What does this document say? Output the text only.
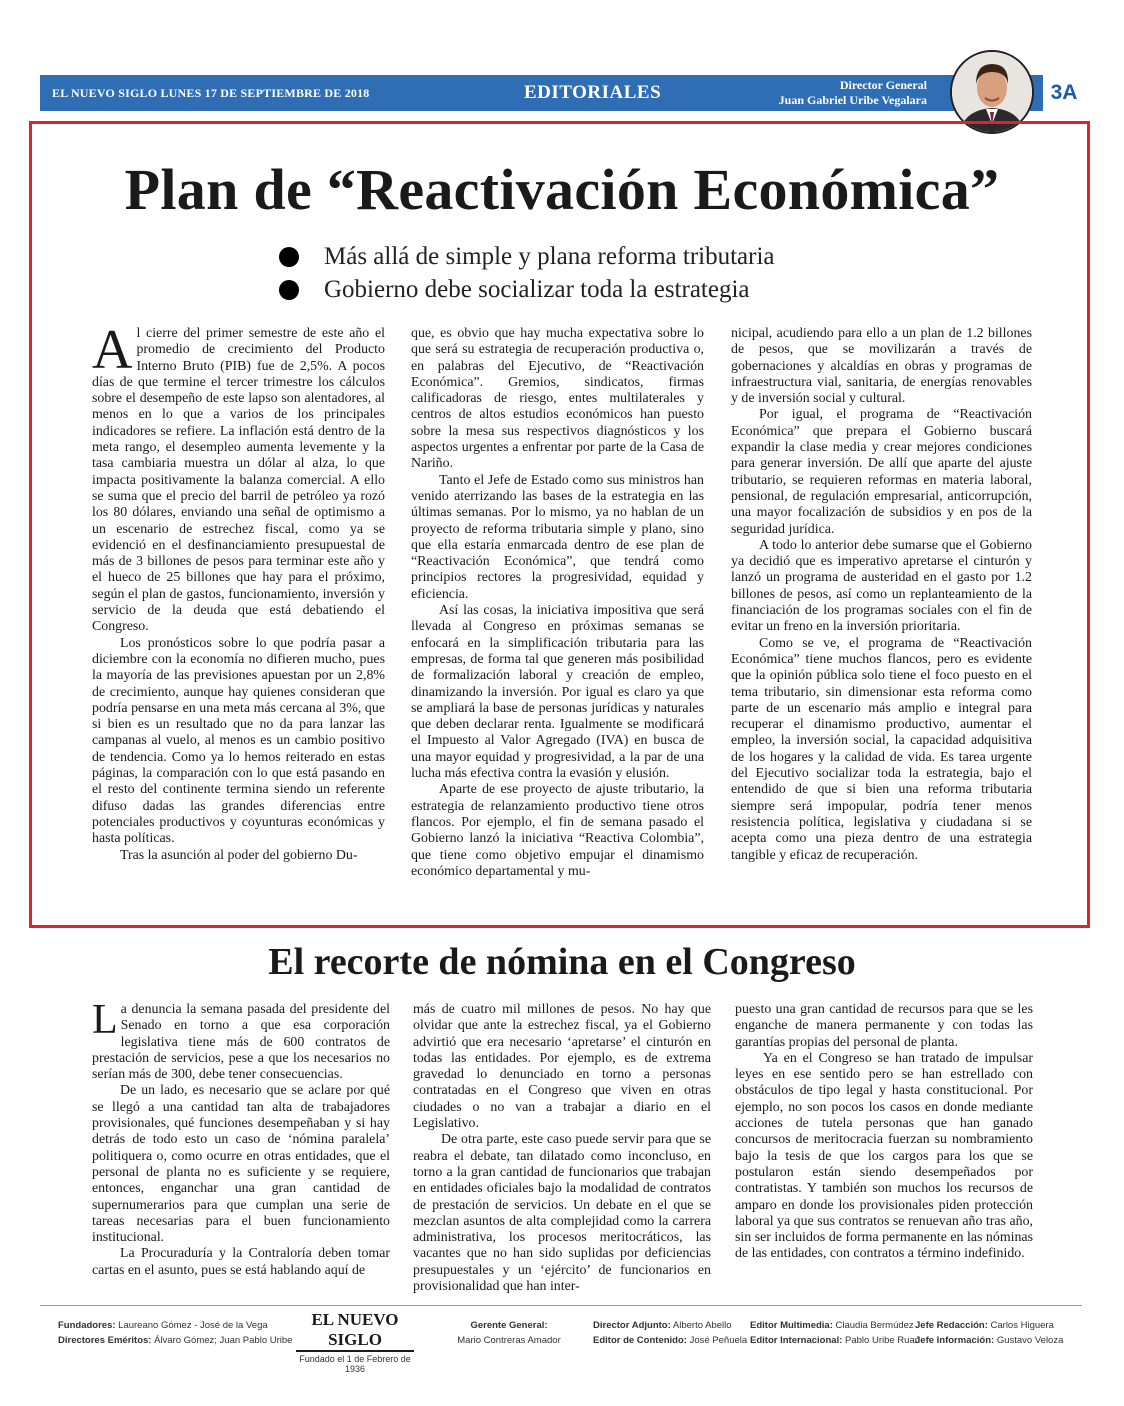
EL NUEVO SIGLO LUNES 17 DE SEPTIEMBRE DE 2018	EDITORIALES	Director General
Juan Gabriel Uribe Vegalara	3A
Plan de “Reactivación Económica”
Más allá de simple y plana reforma tributaria
Gobierno debe socializar toda la estrategia

Al cierre del primer semestre de este año el promedio de crecimiento del Producto Interno Bruto (PIB) fue de 2,5%. A pocos días de que termine el tercer trimestre los cálculos sobre el desempeño de este lapso son alentadores, al menos en lo que a varios de los principales indicadores se refiere. La inflación está dentro de la meta rango, el desempleo aumenta levemente y la tasa cambiaria muestra un dólar al alza, lo que impacta positivamente la balanza comercial. A ello se suma que el precio del barril de petróleo ya rozó los 80 dólares, enviando una señal de optimismo a un escenario de estrechez fiscal, como ya se evidenció en el desfinanciamiento presupuestal de más de 3 billones de pesos para terminar este año y el hueco de 25 billones que hay para el próximo, según el plan de gastos, funcionamiento, inversión y servicio de la deuda que está debatiendo el Congreso.

Los pronósticos sobre lo que podría pasar a diciembre con la economía no difieren mucho, pues la mayoría de las previsiones apuestan por un 2,8% de crecimiento, aunque hay quienes consideran que podría pensarse en una meta más cercana al 3%, que si bien es un resultado que no da para lanzar las campanas al vuelo, al menos es un cambio positivo de tendencia. Como ya lo hemos reiterado en estas páginas, la comparación con lo que está pasando en el resto del continente termina siendo un referente difuso dadas las grandes diferencias entre potenciales productivos y coyunturas económicas y hasta políticas.

Tras la asunción al poder del gobierno Du-

que, es obvio que hay mucha expectativa sobre lo que será su estrategia de recuperación productiva o, en palabras del Ejecutivo, de “Reactivación Económica”. Gremios, sindicatos, firmas calificadoras de riesgo, entes multilaterales y centros de altos estudios económicos han puesto sobre la mesa sus respectivos diagnósticos y los aspectos urgentes a enfrentar por parte de la Casa de Nariño.

Tanto el Jefe de Estado como sus ministros han venido aterrizando las bases de la estrategia en las últimas semanas. Por lo mismo, ya no hablan de un proyecto de reforma tributaria simple y plano, sino que ella estaría enmarcada dentro de ese plan de “Reactivación Económica”, que tendrá como principios rectores la progresividad, equidad y eficiencia.

Así las cosas, la iniciativa impositiva que será llevada al Congreso en próximas semanas se enfocará en la simplificación tributaria para las empresas, de forma tal que generen más posibilidad de formalización laboral y creación de empleo, dinamizando la inversión. Por igual es claro ya que se ampliará la base de personas jurídicas y naturales que deben declarar renta. Igualmente se modificará el Impuesto al Valor Agregado (IVA) en busca de una mayor equidad y progresividad, a la par de una lucha más efectiva contra la evasión y elusión.

Aparte de ese proyecto de ajuste tributario, la estrategia de relanzamiento productivo tiene otros flancos. Por ejemplo, el fin de semana pasado el Gobierno lanzó la iniciativa “Reactiva Colombia”, que tiene como objetivo empujar el dinamismo económico departamental y mu-

nicipal, acudiendo para ello a un plan de 1.2 billones de pesos, que se movilizarán a través de gobernaciones y alcaldías en obras y programas de infraestructura vial, sanitaria, de energías renovables y de inversión social y cultural.

Por igual, el programa de “Reactivación Económica” que prepara el Gobierno buscará expandir la clase media y crear mejores condiciones para generar inversión. De allí que aparte del ajuste tributario, se requieren reformas en materia laboral, pensional, de regulación empresarial, anticorrupción, una mayor focalización de subsidios y en pos de la seguridad jurídica.

A todo lo anterior debe sumarse que el Gobierno ya decidió que es imperativo apretarse el cinturón y lanzó un programa de austeridad en el gasto por 1.2 billones de pesos, así como un replanteamiento de la financiación de los programas sociales con el fin de evitar un freno en la inversión prioritaria.

Como se ve, el programa de “Reactivación Económica” tiene muchos flancos, pero es evidente que la opinión pública solo tiene el foco puesto en el tema tributario, sin dimensionar esta reforma como parte de un escenario más amplio e integral para recuperar el dinamismo productivo, aumentar el empleo, la inversión social, la capacidad adquisitiva de los hogares y la calidad de vida. Es tarea urgente del Ejecutivo socializar toda la estrategia, bajo el entendido de que si bien una reforma tributaria siempre será impopular, podría tener menos resistencia política, legislativa y ciudadana si se acepta como una pieza dentro de una estrategia tangible y eficaz de recuperación.

El recorte de nómina en el Congreso

La denuncia la semana pasada del presidente del Senado en torno a que esa corporación legislativa tiene más de 600 contratos de prestación de servicios, pese a que los necesarios no serían más de 300, debe tener consecuencias.

De un lado, es necesario que se aclare por qué se llegó a una cantidad tan alta de trabajadores provisionales, qué funciones desempeñaban y si hay detrás de todo esto un caso de ‘nómina paralela’ politiquera o, como ocurre en otras entidades, que el personal de planta no es suficiente y se requiere, entonces, enganchar una gran cantidad de supernumerarios para que cumplan una serie de tareas necesarias para el buen funcionamiento institucional.

La Procuraduría y la Contraloría deben tomar cartas en el asunto, pues se está hablando aquí de

más de cuatro mil millones de pesos. No hay que olvidar que ante la estrechez fiscal, ya el Gobierno advirtió que era necesario ‘apretarse’ el cinturón en todas las entidades. Por ejemplo, es de extrema gravedad lo denunciado en torno a personas contratadas en el Congreso que viven en otras ciudades o no van a trabajar a diario en el Legislativo.

De otra parte, este caso puede servir para que se reabra el debate, tan dilatado como inconcluso, en torno a la gran cantidad de funcionarios que trabajan en entidades oficiales bajo la modalidad de contratos de prestación de servicios. Un debate en el que se mezclan asuntos de alta complejidad como la carrera administrativa, los procesos meritocráticos, las vacantes que no han sido suplidas por deficiencias presupuestales y un ‘ejército’ de funcionarios en provisionalidad que han inter-

puesto una gran cantidad de recursos para que se les enganche de manera permanente y con todas las garantías propias del personal de planta.

Ya en el Congreso se han tratado de impulsar leyes en ese sentido pero se han estrellado con obstáculos de tipo legal y hasta constitucional. Por ejemplo, no son pocos los casos en donde mediante acciones de tutela personas que han ganado concursos de meritocracia fuerzan su nombramiento bajo la tesis de que los cargos para los que se postularon están siendo desempeñados por contratistas. Y también son muchos los recursos de amparo en donde los provisionales piden protección laboral ya que sus contratos se renuevan año tras año, sin ser incluidos de forma permanente en las nóminas de las entidades, con contratos a término indefinido.

Fundadores: Laureano Gómez - José de la Vega
Directores Eméritos: Álvaro Gómez; Juan Pablo Uribe
EL NUEVO SIGLO
Fundado el 1 de Febrero de 1936
Gerente General:
Mario Contreras Amador
Director Adjunto: Alberto Abello
Editor de Contenido: José Peñuela
Editor Multimedia: Claudia Bermúdez
Editor Internacional: Pablo Uribe Ruan
Jefe Redacción: Carlos Higuera
Jefe Información: Gustavo Veloza
